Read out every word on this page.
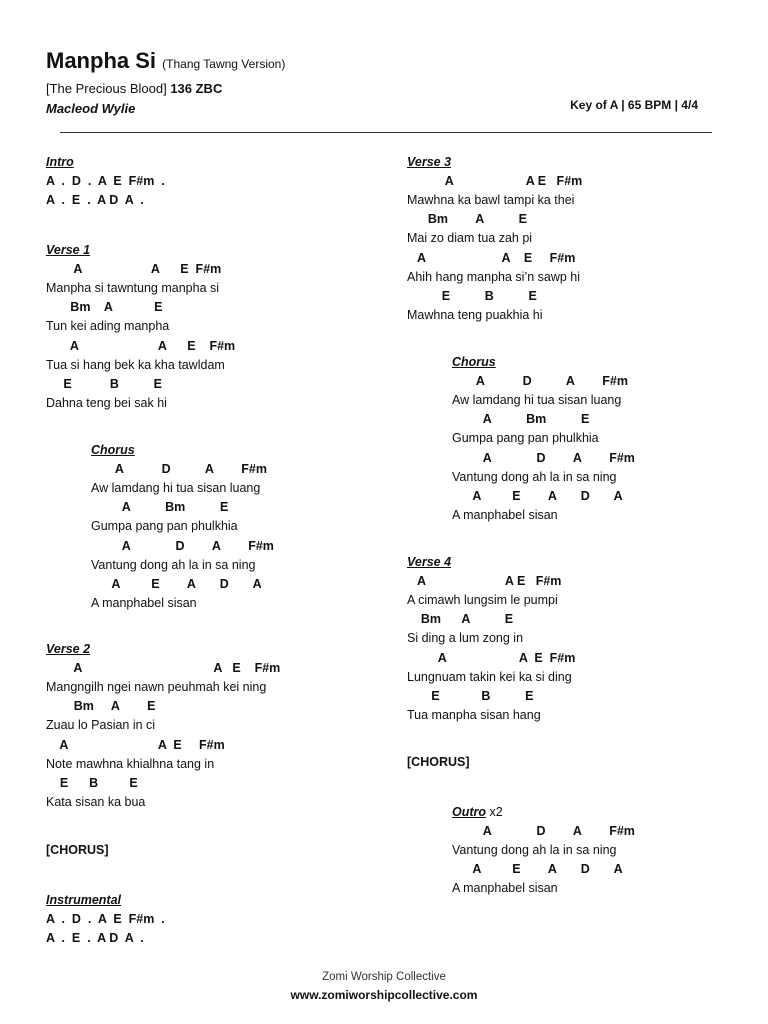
Manpha Si (Thang Tawng Version)
[The Precious Blood] 136 ZBC
Macleod Wylie	Key of A | 65 BPM | 4/4
Intro
A  .  D  .  A  E  F#m  .
A  .  E  .  A D  A  .
Verse 1
A                    A      E  F#m
Manpha si tawntung manpha si
Bm    A            E
Tun kei ading manpha
A                       A      E    F#m
Tua si hang bek ka kha tawldam
E           B          E
Dahna teng bei sak hi
Chorus
A           D          A        F#m
Aw lamdang hi tua sisan luang
A          Bm          E
Gumpa pang pan phulkhia
A             D        A        F#m
Vantung dong ah la in sa ning
A         E        A       D       A
A manphabel sisan
Verse 2
A                                      A   E    F#m
Mangngilh ngei nawn peuhmah kei ning
Bm     A        E
Zuau lo Pasian in ci
A                          A  E     F#m
Note mawhna khialhna tang in
E      B         E
Kata sisan ka bua
[CHORUS]
Instrumental
A  .  D  .  A  E  F#m  .
A  .  E  .  A D  A  .
Verse 3
A                     A E   F#m
Mawhna ka bawl tampi ka thei
Bm        A          E
Mai zo diam tua zah pi
A                      A    E     F#m
Ahih hang manpha si’n sawp hi
E          B          E
Mawhna teng puakhia hi
Chorus
A           D          A        F#m
Aw lamdang hi tua sisan luang
A          Bm          E
Gumpa pang pan phulkhia
A             D        A        F#m
Vantung dong ah la in sa ning
A         E        A       D       A
A manphabel sisan
Verse 4
A                       A E   F#m
A cimawh lungsim le pumpi
Bm      A          E
Si ding a lum zong in
A                     A  E  F#m
Lungnuam takin kei ka si ding
E            B          E
Tua manpha sisan hang
[CHORUS]
Outro x2
A             D        A        F#m
Vantung dong ah la in sa ning
A         E        A       D       A
A manphabel sisan
Zomi Worship Collective
www.zomiworshipcollective.com
